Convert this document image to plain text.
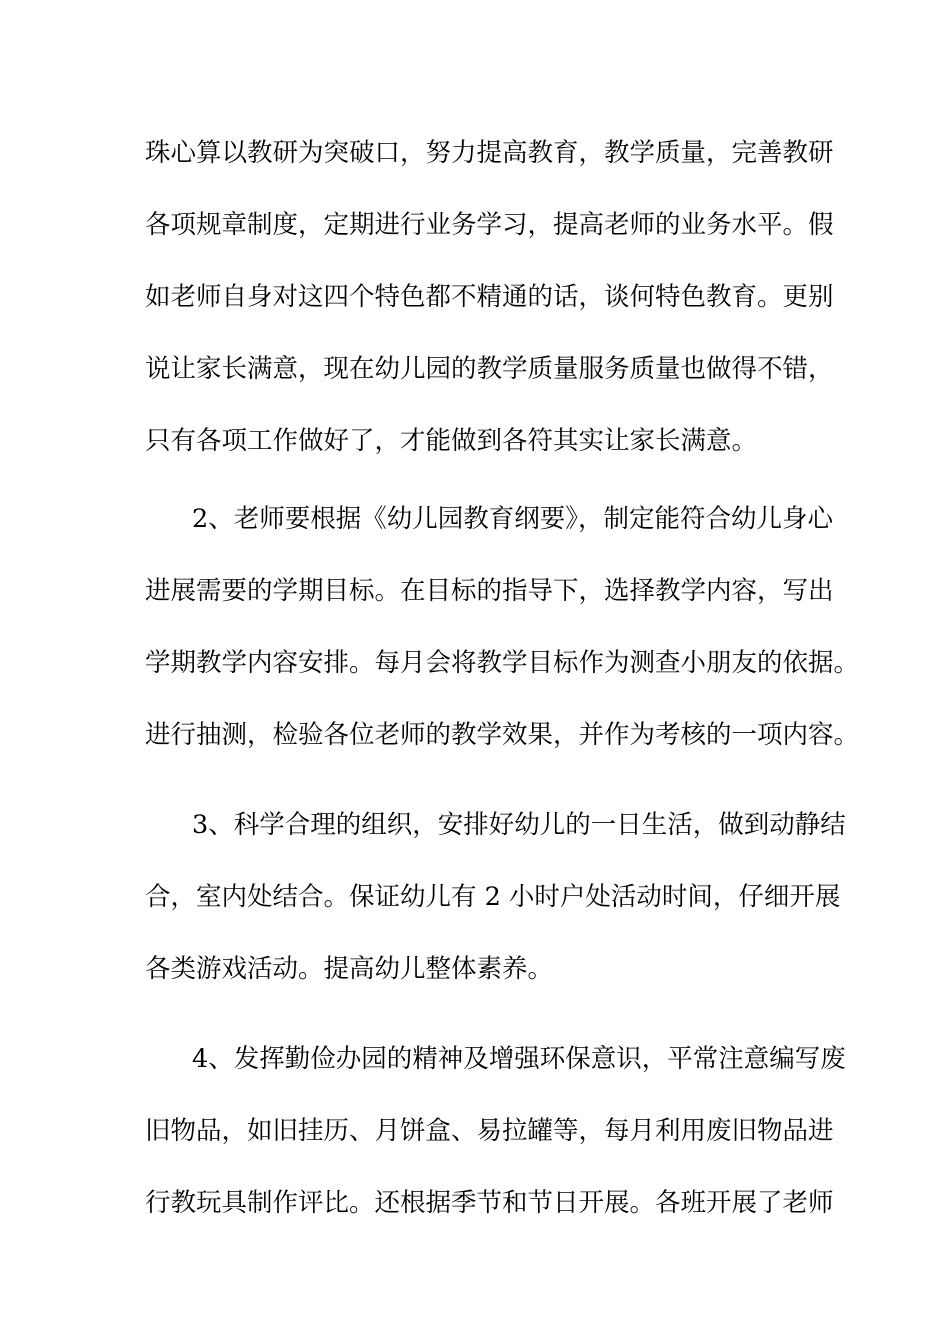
珠心算以教研为突破口，努力提高教育，教学质量，完善教研
各项规章制度，定期进行业务学习，提高老师的业务水平。假
如老师自身对这四个特色都不精通的话，谈何特色教育。更别
说让家长满意，现在幼儿园的教学质量服务质量也做得不错，
只有各项工作做好了，才能做到各符其实让家长满意。
2、老师要根据《幼儿园教育纲要》，制定能符合幼儿身心
进展需要的学期目标。在目标的指导下，选择教学内容，写出
学期教学内容安排。每月会将教学目标作为测查小朋友的依据。
进行抽测，检验各位老师的教学效果，并作为考核的一项内容。
3、科学合理的组织，安排好幼儿的一日生活，做到动静结
合，室内处结合。保证幼儿有 2 小时户处活动时间，仔细开展
各类游戏活动。提高幼儿整体素养。
4、发挥勤俭办园的精神及增强环保意识，平常注意编写废
旧物品，如旧挂历、月饼盒、易拉罐等，每月利用废旧物品进
行教玩具制作评比。还根据季节和节日开展。各班开展了老师
